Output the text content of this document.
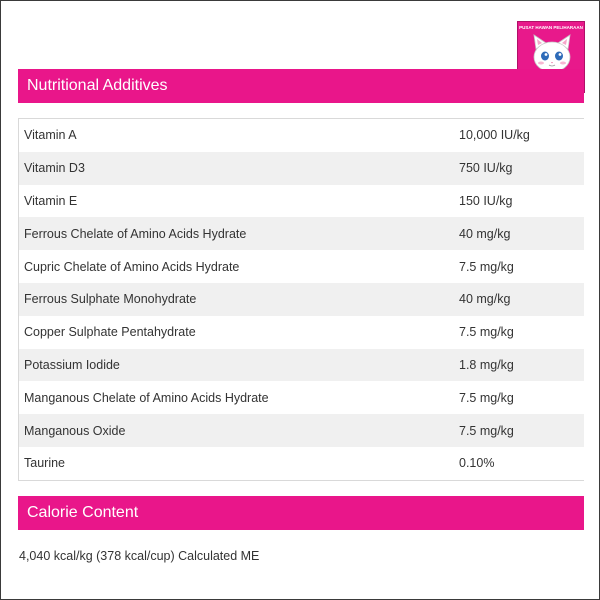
PUSAT HAWAN PELIHARAAN
Nutritional Additives
Vitamin A	10,000 IU/kg
Vitamin D3	750 IU/kg
Vitamin E	150 IU/kg
Ferrous Chelate of Amino Acids Hydrate	40 mg/kg
Cupric Chelate of Amino Acids Hydrate	7.5 mg/kg
Ferrous Sulphate Monohydrate	40 mg/kg
Copper Sulphate Pentahydrate	7.5 mg/kg
Potassium Iodide	1.8 mg/kg
Manganous Chelate of Amino Acids Hydrate	7.5 mg/kg
Manganous Oxide	7.5 mg/kg
Taurine	0.10%
Calorie Content
4,040 kcal/kg (378 kcal/cup) Calculated ME
